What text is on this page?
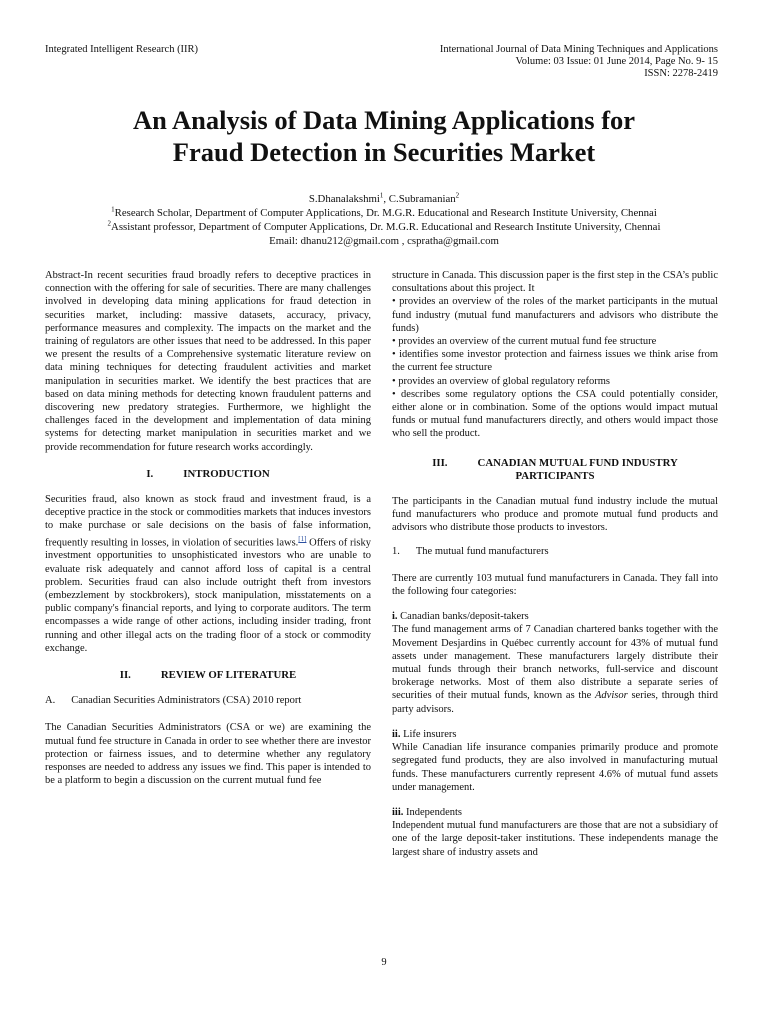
Integrated Intelligent Research (IIR)	International Journal of Data Mining Techniques and Applications
Volume: 03 Issue: 01 June 2014, Page No. 9- 15
ISSN: 2278-2419
An Analysis of Data Mining Applications for
Fraud Detection in Securities Market
S.Dhanalakshmi$^1$, C.Subramanian$^2$
$^1$Research Scholar, Department of Computer Applications, Dr. M.G.R. Educational and Research Institute University, Chennai
$^2$Assistant professor, Department of Computer Applications, Dr. M.G.R. Educational and Research Institute University, Chennai
Email: dhanu212@gmail.com , cspratha@gmail.com

Abstract-In recent securities fraud broadly refers to deceptive practices in connection with the offering for sale of securities. There are many challenges involved in developing data mining applications for fraud detection in securities market, including: massive datasets, accuracy, privacy, performance measures and complexity. The impacts on the market and the training of regulators are other issues that need to be addressed. In this paper we present the results of a Comprehensive systematic literature review on data mining techniques for detecting fraudulent activities and market manipulation in securities market. We identify the best practices that are based on data mining methods for detecting known fraudulent patterns and discovering new predatory strategies. Furthermore, we highlight the challenges faced in the development and implementation of data mining systems for detecting market manipulation in securities market and we provide recommendation for future research works accordingly.

I.	INTRODUCTION

Securities fraud, also known as stock fraud and investment fraud, is a deceptive practice in the stock or commodities markets that induces investors to make purchase or sale decisions on the basis of false information, frequently resulting in losses, in violation of securities laws.[1] Offers of risky investment opportunities to unsophisticated investors who are unable to evaluate risk adequately and cannot afford loss of capital is a central problem. Securities fraud can also include outright theft from investors (embezzlement by stockbrokers), stock manipulation, misstatements on a public company's financial reports, and lying to corporate auditors. The term encompasses a wide range of other actions, including insider trading, front running and other illegal acts on the trading floor of a stock or commodity exchange.

II.	REVIEW OF LITERATURE
A. Canadian Securities Administrators (CSA) 2010 report

The Canadian Securities Administrators (CSA or we) are examining the mutual fund fee structure in Canada in order to see whether there are investor protection or fairness issues, and to determine whether any regulatory responses are needed to address any issues we find. This paper is intended to be a platform to begin a discussion on the current mutual fund fee

structure in Canada. This discussion paper is the first step in the CSA’s public consultations about this project. It

• provides an overview of the roles of the market participants in the mutual fund industry (mutual fund manufacturers and advisors who distribute the funds)

• provides an overview of the current mutual fund fee structure

• identifies some investor protection and fairness issues we think arise from the current fee structure

• provides an overview of global regulatory reforms

• describes some regulatory options the CSA could potentially consider, either alone or in combination. Some of the options would impact mutual funds or mutual fund manufacturers directly, and others would impact those who sell the product.

III.	CANADIAN MUTUAL FUND INDUSTRY
PARTICIPANTS

The participants in the Canadian mutual fund industry include the mutual fund manufacturers who produce and promote mutual fund products and advisors who distribute those products to investors.

1. The mutual fund manufacturers

There are currently 103 mutual fund manufacturers in Canada. They fall into the following four categories:

i. Canadian banks/deposit-takers

The fund management arms of 7 Canadian chartered banks together with the Movement Desjardins in Québec currently account for 43% of mutual fund assets under management. These manufacturers largely distribute their mutual funds through their branch networks, full-service and discount brokerage networks. Most of them also distribute a separate series of securities of their mutual funds, known as the Advisor series, through third party advisors.

ii. Life insurers

While Canadian life insurance companies primarily produce and promote segregated fund products, they are also involved in manufacturing mutual funds. These manufacturers currently represent 4.6% of mutual fund assets under management.

iii. Independents

Independent mutual fund manufacturers are those that are not a subsidiary of one of the large deposit-taker institutions. These independents manage the largest share of industry assets and

9
